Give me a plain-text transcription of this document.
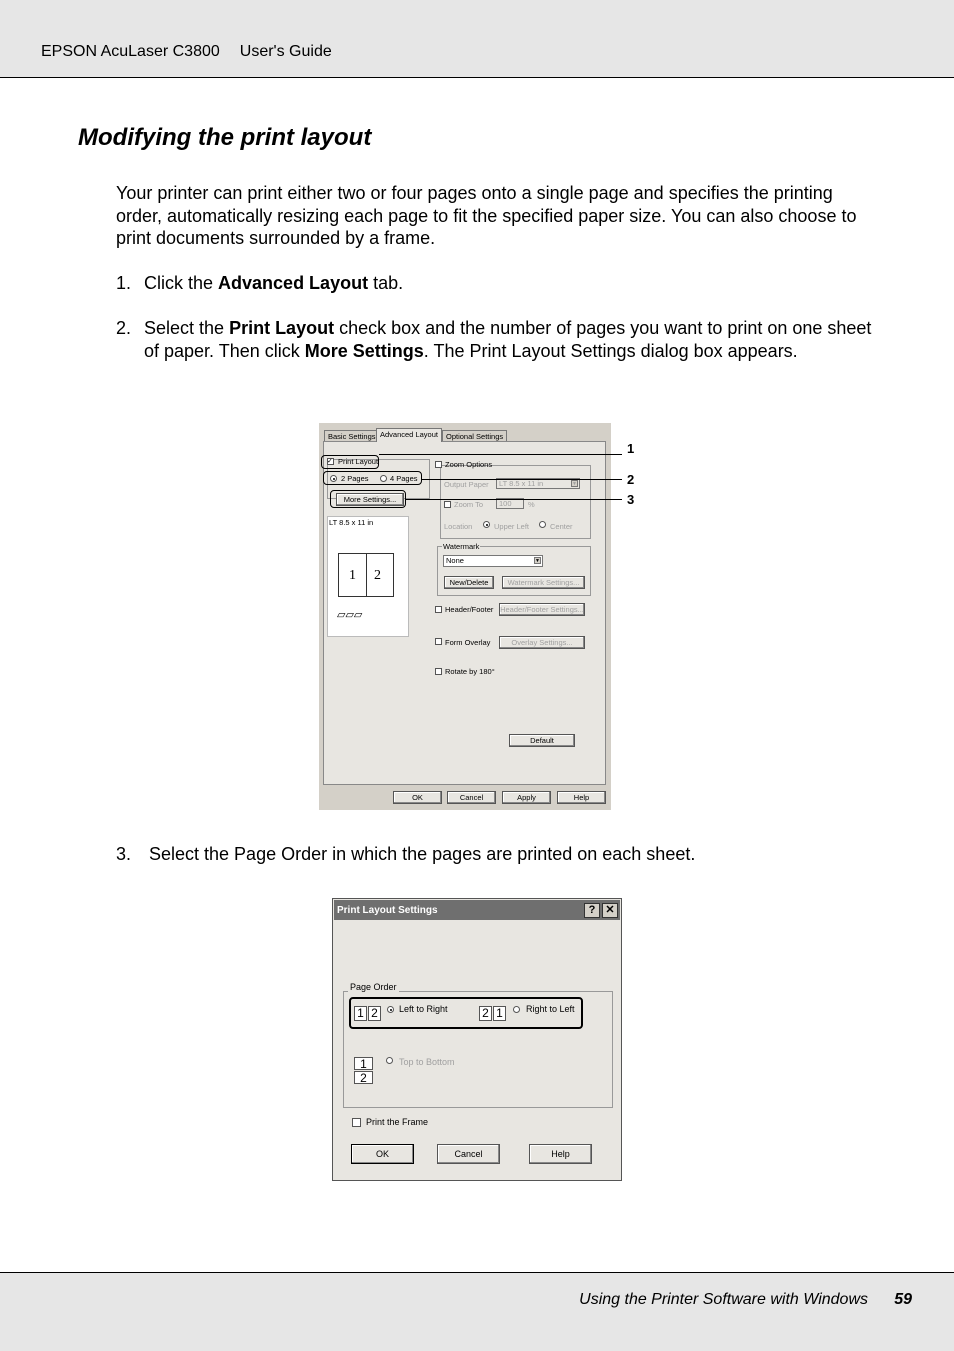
EPSON AcuLaser C3800 User's Guide
Modifying the print layout

Your printer can print either two or four pages onto a single page and specifies the printing order, automatically resizing each page to fit the specified paper size. You can also choose to print documents surrounded by a frame.

1. Click the Advanced Layout tab.
2. Select the Print Layout check box and the number of pages you want to print on one sheet of paper. Then click More Settings. The Print Layout Settings dialog box appears.
Basic Settings Advanced Layout	Optional Settings
✓ Print Layout
2 Pages	4 Pages
More Settings...
LT 8.5 x 11 in
1 2
▱▱▱
Zoom Options
Output Paper	LT 8.5 x 11 in	▼
Zoom To	100	%
Location	Upper Left	Center
Watermark
None	▼
New/Delete	Watermark Settings...
Header/Footer Header/Footer Settings...
Form Overlay	Overlay Settings...
Rotate by 180°
Default
OK	Cancel	Apply	Help
1
2
3
3. Select the Page Order in which the pages are printed on each sheet.
Print Layout Settings	? ✕
Page Order
1 2	Left to Right	2 1	Right to Left
1
2
Top to Bottom
Print the Frame
OK	Cancel	Help
Using the Printer Software with Windows 59
